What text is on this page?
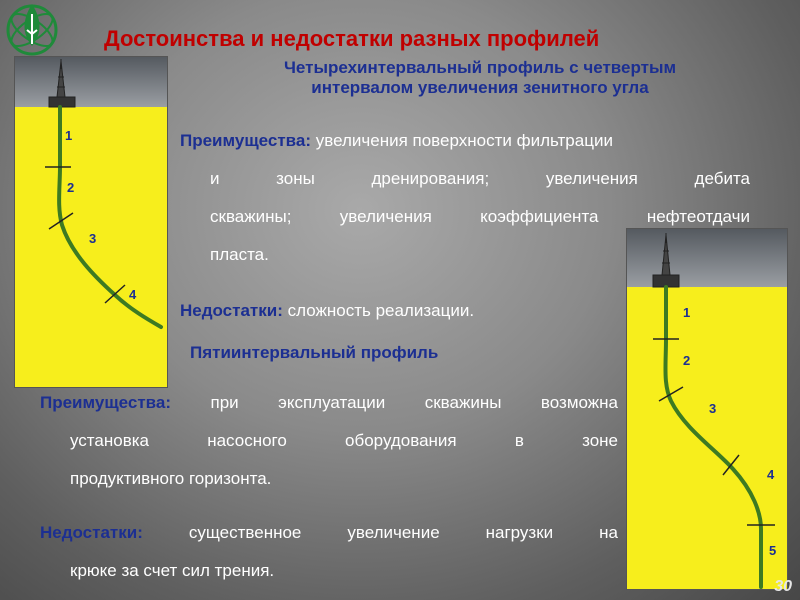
Достоинства и недостатки разных профилей
Четырехинтервальный профиль с четвертым
интервалом увеличения зенитного угла
1
2
3
4
1
2
3
4
5
Преимущества: увеличения поверхности фильтрации
и зоны дренирования; увеличения дебита
скважины; увеличения коэффициента нефтеотдачи
пласта.
Недостатки: сложность реализации.
Пятиинтервальный профиль
Преимущества: при эксплуатации скважины возможна
установка насосного оборудования в зоне
продуктивного горизонта.
Недостатки:	существенное увеличение нагрузки на
крюке за счет сил трения.
30
